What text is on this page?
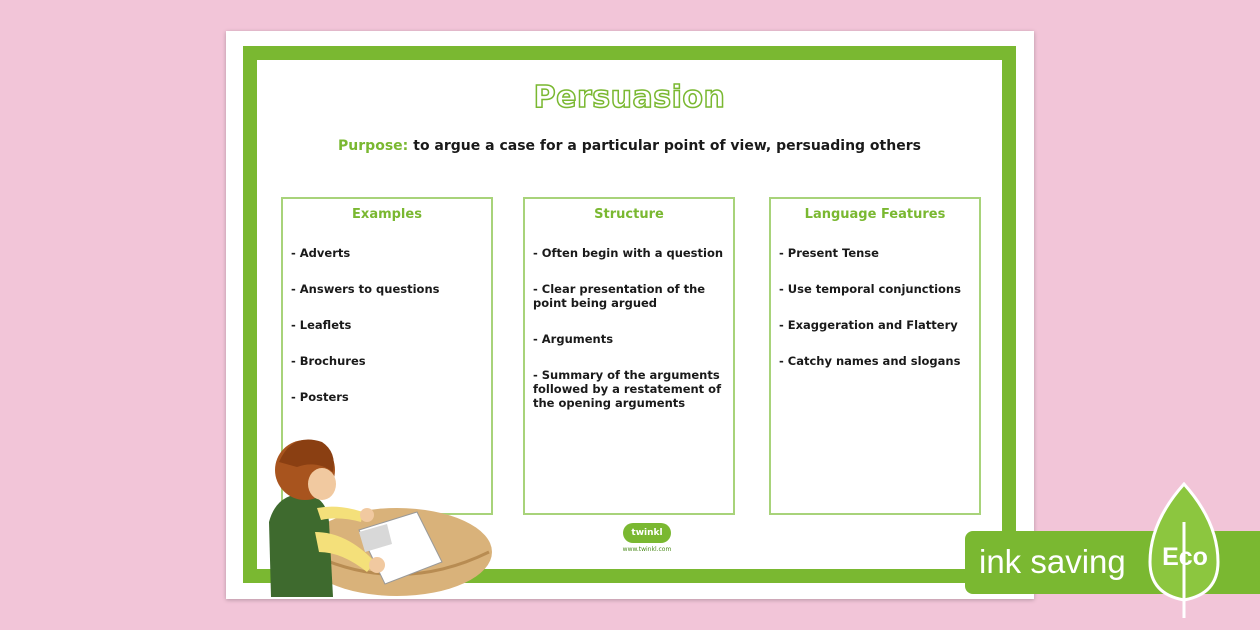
Persuasion
Purpose: to argue a case for a particular point of view, persuading others
Examples
- Adverts
- Answers to questions
- Leaflets
- Brochures
- Posters
Structure
- Often begin with a question
- Clear presentation of the point being argued
- Arguments
- Summary of the arguments followed by a restatement of the opening arguments
Language Features
- Present Tense
- Use temporal conjunctions
- Exaggeration and Flattery
- Catchy names and slogans
twinkl
www.twinkl.com	ink saving Eco
